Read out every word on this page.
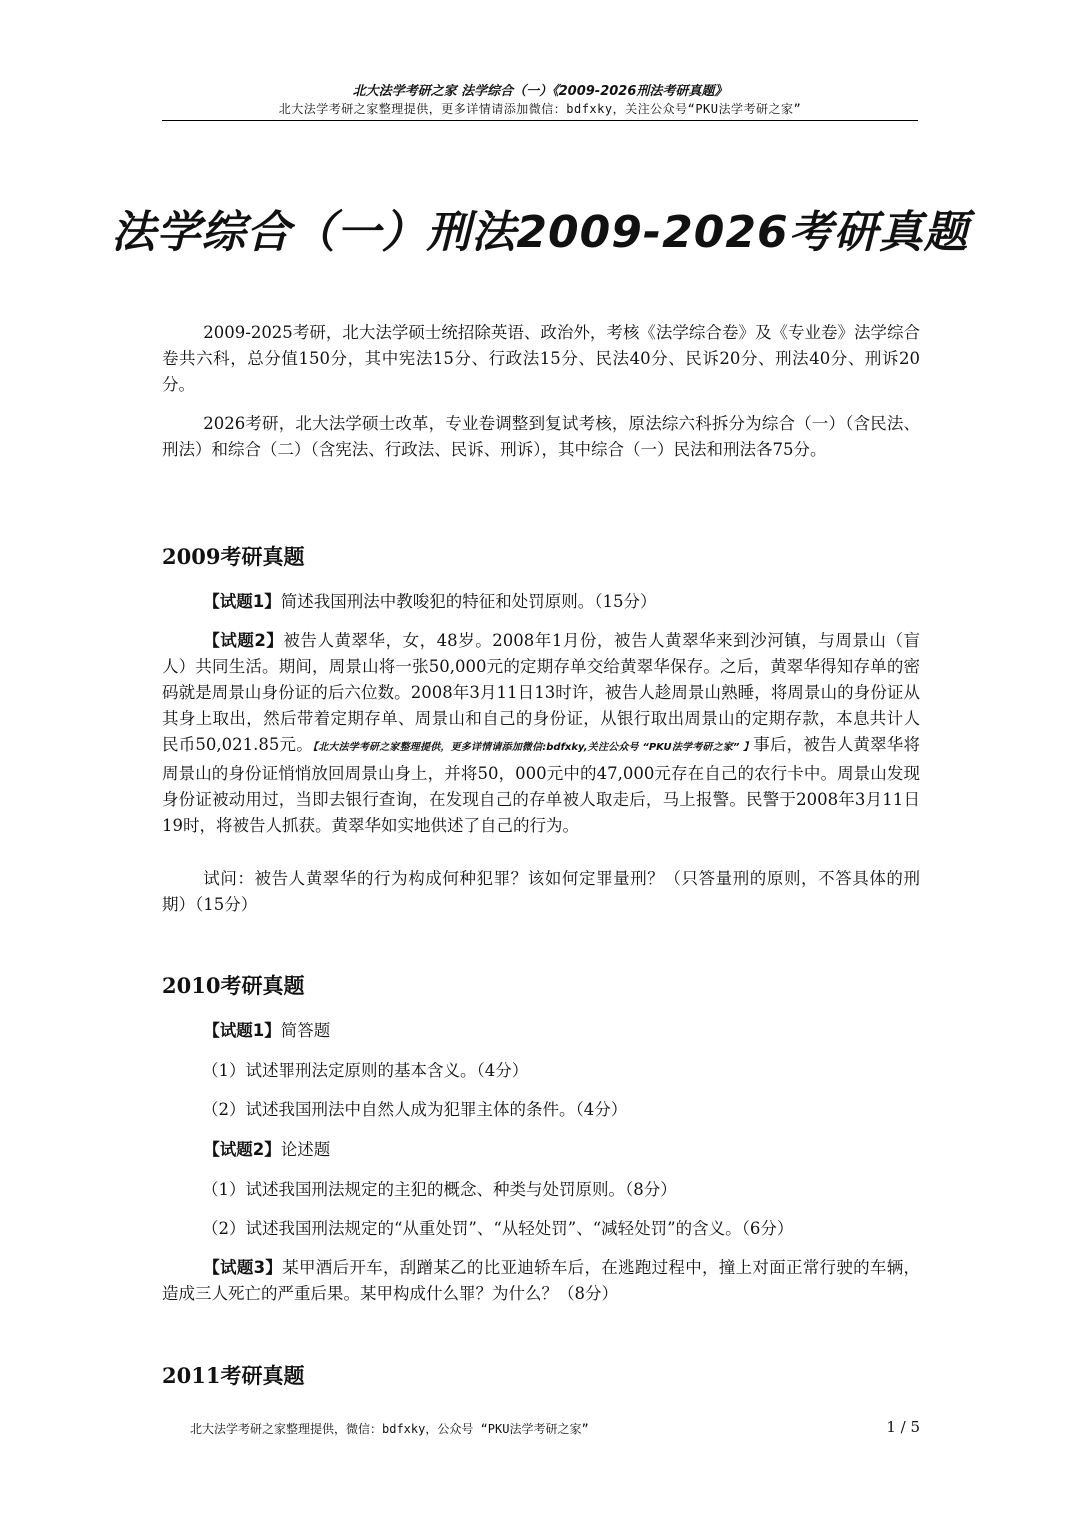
北大法学考研之家 法学综合（一）《2009-2026刑法考研真题》
北大法学考研之家整理提供，更多详情请添加微信：bdfxky，关注公众号“PKU法学考研之家”
法学综合（一）刑法2009-2026考研真题

2009-2025考研，北大法学硕士统招除英语、政治外，考核《法学综合卷》及《专业卷》法学综合卷共六科，总分值150分，其中宪法15分、行政法15分、民法40分、民诉20分、刑法40分、刑诉20分。

2026考研，北大法学硕士改革，专业卷调整到复试考核，原法综六科拆分为综合（一）（含民法、刑法）和综合（二）（含宪法、行政法、民诉、刑诉），其中综合（一）民法和刑法各75分。

2009考研真题

【试题1】简述我国刑法中教唆犯的特征和处罚原则。（15分）

【试题2】被告人黄翠华，女，48岁。2008年1月份，被告人黄翠华来到沙河镇，与周景山（盲人）共同生活。期间，周景山将一张50,000元的定期存单交给黄翠华保存。之后，黄翠华得知存单的密码就是周景山身份证的后六位数。2008年3月11日13时许，被告人趁周景山熟睡，将周景山的身份证从其身上取出，然后带着定期存单、周景山和自己的身份证，从银行取出周景山的定期存款，本息共计人民币50,021.85元。【北大法学考研之家整理提供，更多详情请添加微信:bdfxky,关注公众号 “PKU法学考研之家” 】事后，被告人黄翠华将周景山的身份证悄悄放回周景山身上，并将50，000元中的47,000元存在自己的农行卡中。周景山发现身份证被动用过，当即去银行查询，在发现自己的存单被人取走后，马上报警。民警于2008年3月11日19时，将被告人抓获。黄翠华如实地供述了自己的行为。

试问：被告人黄翠华的行为构成何种犯罪？该如何定罪量刑？（只答量刑的原则，不答具体的刑期）（15分）

2010考研真题

【试题1】简答题

（1）试述罪刑法定原则的基本含义。（4分）

（2）试述我国刑法中自然人成为犯罪主体的条件。（4分）

【试题2】论述题

（1）试述我国刑法规定的主犯的概念、种类与处罚原则。（8分）

（2）试述我国刑法规定的“从重处罚”、“从轻处罚”、“减轻处罚”的含义。（6分）

【试题3】某甲酒后开车，刮蹭某乙的比亚迪轿车后，在逃跑过程中，撞上对面正常行驶的车辆，造成三人死亡的严重后果。某甲构成什么罪？为什么？（8分）

2011考研真题
北大法学考研之家整理提供，微信：bdfxky，公众号 “PKU法学考研之家”	1 / 5
